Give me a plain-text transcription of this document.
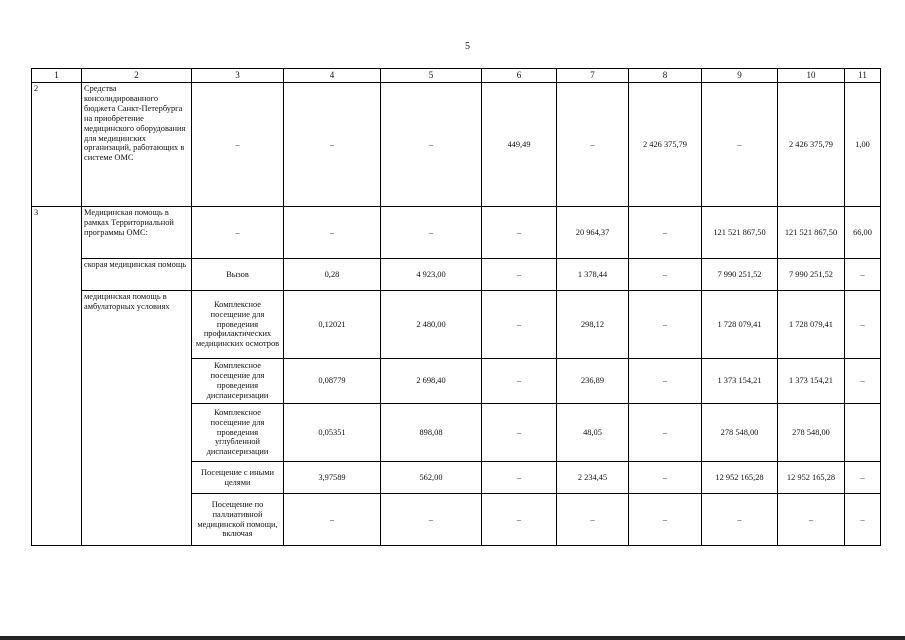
5
1	2	3	4	5	6	7	8	9	10	11
2	Средства консолидированного бюджета Санкт-Петербурга на приобретение медицинского оборудования для медицинских организаций, работающих в системе ОМС	–	–	–	449,49	–	2 426 375,79	–	2 426 375,79	1,00
3	Медицинская помощь в рамках Территориальной программы ОМС:	–	–	–	–	20 964,37	–	121 521 867,50	121 521 867,50	66,00
	скорая медицинская помощь	Вызов	0,28	4 923,00	–	1 378,44	–	7 990 251,52	7 990 251,52	–
	медицинская помощь в амбулаторных условиях	Комплексное посещение для проведения профилактических медицинских осмотров	0,12021	2 480,00	–	298,12	–	1 728 079,41	1 728 079,41	–
		Комплексное посещение для проведения диспансеризации	0,08779	2 698,40	–	236,89	–	1 373 154,21	1 373 154,21	–
		Комплексное посещение для проведения углубленной диспансеризации	0,05351	898,08	–	48,05	–	278 548,00	278 548,00	
		Посещение с иными целями	3,97589	562,00	–	2 234,45	–	12 952 165,28	12 952 165,28	–
		Посещение по паллиативной медицинской помощи, включая	–	–	–	–	–	–	–	–
